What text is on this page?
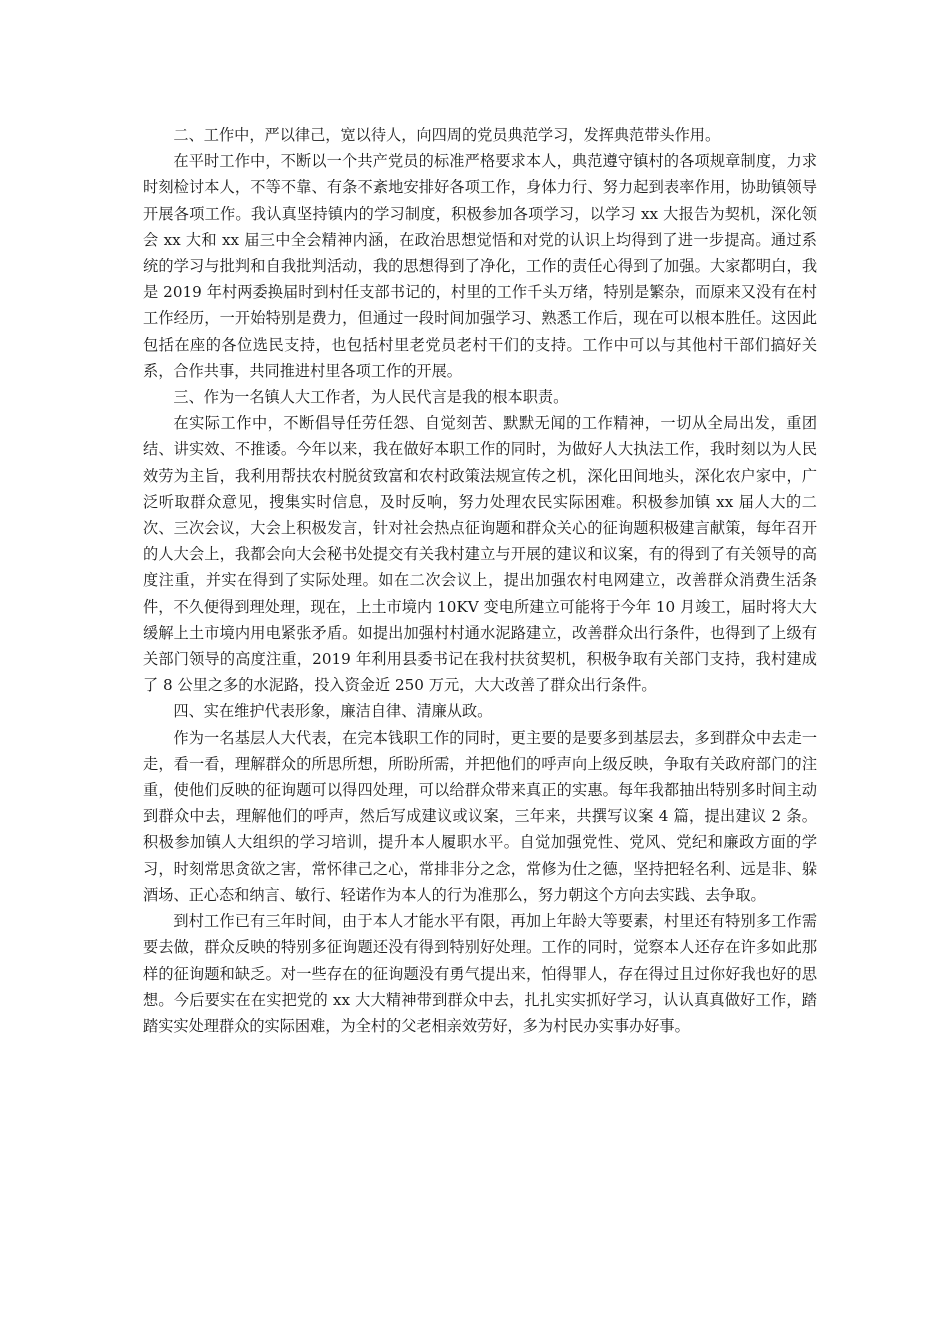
二、工作中，严以律己，宽以待人，向四周的党员典范学习，发挥典范带头作用。

在平时工作中，不断以一个共产党员的标准严格要求本人，典范遵守镇村的各项规章制度，力求时刻检讨本人，不等不靠、有条不紊地安排好各项工作，身体力行、努力起到表率作用，协助镇领导开展各项工作。我认真坚持镇内的学习制度，积极参加各项学习，以学习 xx 大报告为契机，深化领会 xx 大和 xx 届三中全会精神内涵，在政治思想觉悟和对党的认识上均得到了进一步提高。通过系统的学习与批判和自我批判活动，我的思想得到了净化，工作的责任心得到了加强。大家都明白，我是 2019 年村两委换届时到村任支部书记的，村里的工作千头万绪，特别是繁杂，而原来又没有在村工作经历，一开始特别是费力，但通过一段时间加强学习、熟悉工作后，现在可以根本胜任。这因此包括在座的各位选民支持，也包括村里老党员老村干们的支持。工作中可以与其他村干部们搞好关系，合作共事，共同推进村里各项工作的开展。

三、作为一名镇人大工作者，为人民代言是我的根本职责。

在实际工作中，不断倡导任劳任怨、自觉刻苦、默默无闻的工作精神，一切从全局出发，重团结、讲实效、不推诿。今年以来，我在做好本职工作的同时，为做好人大执法工作，我时刻以为人民效劳为主旨，我利用帮扶农村脱贫致富和农村政策法规宣传之机，深化田间地头，深化农户家中，广泛听取群众意见，搜集实时信息，及时反响，努力处理农民实际困难。积极参加镇 xx 届人大的二次、三次会议，大会上积极发言，针对社会热点征询题和群众关心的征询题积极建言献策，每年召开的人大会上，我都会向大会秘书处提交有关我村建立与开展的建议和议案，有的得到了有关领导的高度注重，并实在得到了实际处理。如在二次会议上，提出加强农村电网建立，改善群众消费生活条件，不久便得到理处理，现在，上土市境内 10KV 变电所建立可能将于今年 10 月竣工，届时将大大缓解上土市境内用电紧张矛盾。如提出加强村村通水泥路建立，改善群众出行条件，也得到了上级有关部门领导的高度注重，2019 年利用县委书记在我村扶贫契机，积极争取有关部门支持，我村建成了 8 公里之多的水泥路，投入资金近 250 万元，大大改善了群众出行条件。

四、实在维护代表形象，廉洁自律、清廉从政。

作为一名基层人大代表，在完本钱职工作的同时，更主要的是要多到基层去，多到群众中去走一走，看一看，理解群众的所思所想，所盼所需，并把他们的呼声向上级反映，争取有关政府部门的注重，使他们反映的征询题可以得四处理，可以给群众带来真正的实惠。每年我都抽出特别多时间主动到群众中去，理解他们的呼声，然后写成建议或议案，三年来，共撰写议案 4 篇，提出建议 2 条。积极参加镇人大组织的学习培训，提升本人履职水平。自觉加强党性、党风、党纪和廉政方面的学习，时刻常思贪欲之害，常怀律己之心，常排非分之念，常修为仕之德，坚持把轻名利、远是非、躲酒场、正心态和纳言、敏行、轻诺作为本人的行为准那么，努力朝这个方向去实践、去争取。

到村工作已有三年时间，由于本人才能水平有限，再加上年龄大等要素，村里还有特别多工作需要去做，群众反映的特别多征询题还没有得到特别好处理。工作的同时，觉察本人还存在许多如此那样的征询题和缺乏。对一些存在的征询题没有勇气提出来，怕得罪人，存在得过且过你好我也好的思想。今后要实在在实把党的 xx 大大精神带到群众中去，扎扎实实抓好学习，认认真真做好工作，踏踏实实处理群众的实际困难，为全村的父老相亲效劳好，多为村民办实事办好事。
